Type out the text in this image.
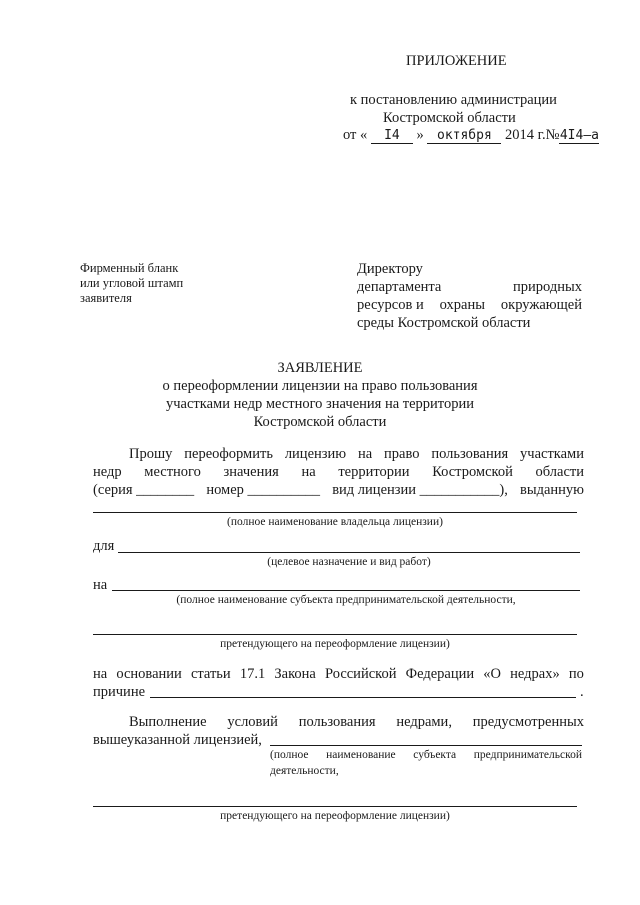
ПРИЛОЖЕНИЕ
к постановлению администрации
Костромской области
от « I4 » октября 2014 г.№4I4–а
Фирменный бланк
или угловой штамп
заявителя
Директору
департамента	природных
ресурсов и охраны окружающей
среды Костромской области
ЗАЯВЛЕНИЕ
о переоформлении лицензии на право пользования
участками недр местного значения на территории
Костромской области
Прошу переоформить лицензию на право пользования участками
недр местного значения на территории Костромской области
(серия ________ номер __________ вид лицензии ___________), выданную
(полное наименование владельца лицензии)
для
(целевое назначение и вид работ)
на
(полное наименование субъекта предпринимательской деятельности,
претендующего на переоформление лицензии)
на основании статьи 17.1 Закона Российской Федерации «О недрах» по
причине	.
Выполнение условий пользования недрами, предусмотренных
вышеуказанной лицензией,
(полное наименование субъекта предпринимательской
деятельности,
претендующего на переоформление лицензии)
